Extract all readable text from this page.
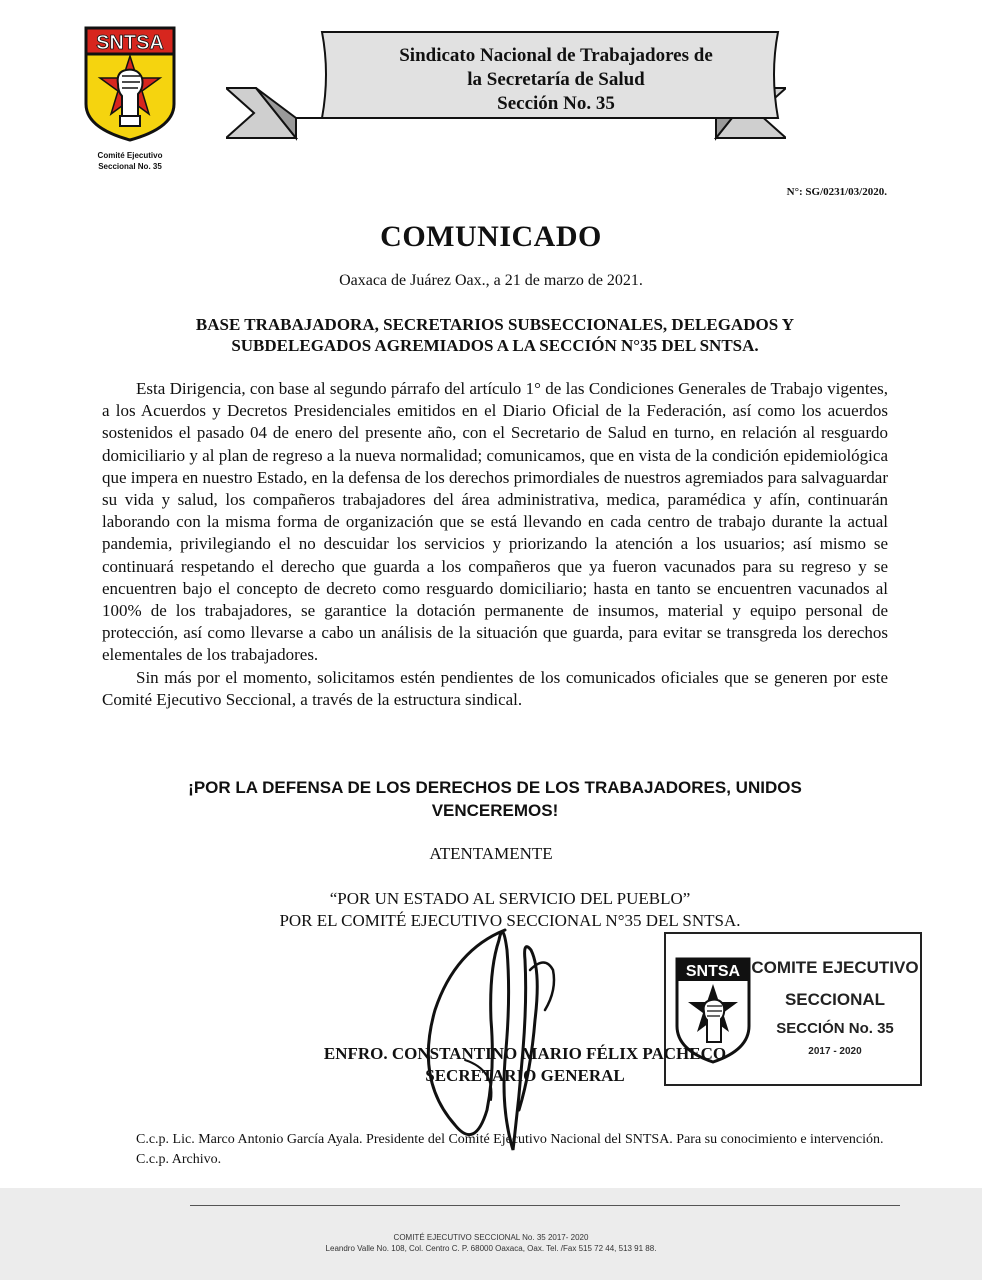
SNTSA
Comité Ejecutivo
Seccional No. 35
Sindicato Nacional de Trabajadores de
la Secretaría de Salud
Sección No. 35
N°: SG/0231/03/2020.
COMUNICADO
Oaxaca de Juárez Oax., a 21 de marzo de 2021.
BASE TRABAJADORA, SECRETARIOS SUBSECCIONALES, DELEGADOS Y
SUBDELEGADOS AGREMIADOS A LA SECCIÓN N°35 DEL SNTSA.

Esta Dirigencia, con base al segundo párrafo del artículo 1° de las Condiciones Generales de Trabajo vigentes, a los Acuerdos y Decretos Presidenciales emitidos en el Diario Oficial de la Federación, así como los acuerdos sostenidos el pasado 04 de enero del presente año, con el Secretario de Salud en turno, en relación al resguardo domiciliario y al plan de regreso a la nueva normalidad; comunicamos, que en vista de la condición epidemiológica que impera en nuestro Estado, en la defensa de los derechos primordiales de nuestros agremiados para salvaguardar su vida y salud, los compañeros trabajadores del área administrativa, medica, paramédica y afín, continuarán laborando con la misma forma de organización que se está llevando en cada centro de trabajo durante la actual pandemia, privilegiando el no descuidar los servicios y priorizando la atención a los usuarios; así mismo se continuará respetando el derecho que guarda a los compañeros que ya fueron vacunados para su regreso y se encuentren bajo el concepto de decreto como resguardo domiciliario; hasta en tanto se encuentren vacunados al 100% de los trabajadores, se garantice la dotación permanente de insumos, material y equipo personal de protección, así como llevarse a cabo un análisis de la situación que guarda, para evitar se transgreda los derechos elementales de los trabajadores.

Sin más por el momento, solicitamos estén pendientes de los comunicados oficiales que se generen por este Comité Ejecutivo Seccional, a través de la estructura sindical.

¡POR LA DEFENSA DE LOS DERECHOS DE LOS TRABAJADORES, UNIDOS
VENCEREMOS!
ATENTAMENTE
“POR UN ESTADO AL SERVICIO DEL PUEBLO”
POR EL COMITÉ EJECUTIVO SECCIONAL N°35 DEL SNTSA.
SNTSA COMITE EJECUTIVO
SECCIONAL
SECCIÓN No. 35
2017 - 2020
ENFRO. CONSTANTINO MARIO FÉLIX PACHECO
SECRETARIO GENERAL

C.c.p. Lic. Marco Antonio García Ayala. Presidente del Comité Ejecutivo Nacional del SNTSA. Para su conocimiento e intervención.

C.c.p. Archivo.

COMITÉ EJECUTIVO SECCIONAL No. 35 2017- 2020
Leandro Valle No. 108, Col. Centro C. P. 68000 Oaxaca, Oax. Tel. /Fax 515 72 44, 513 91 88.
